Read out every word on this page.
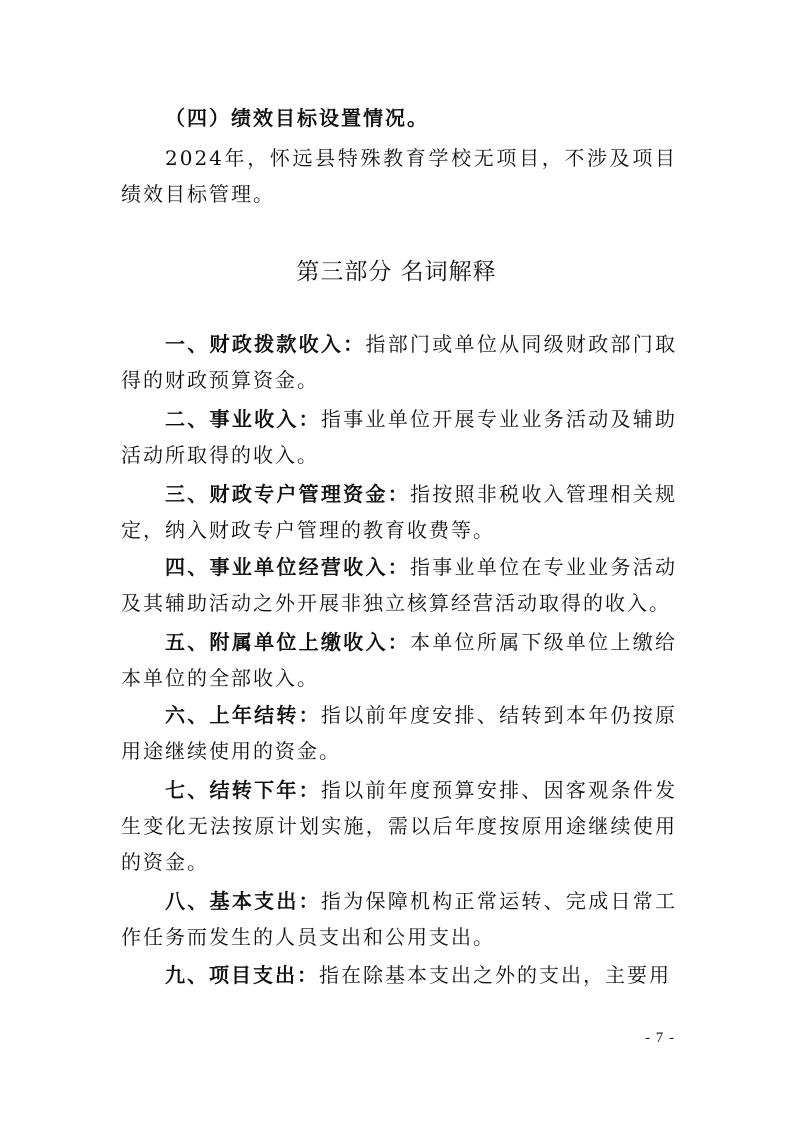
（四）绩效目标设置情况。
2024年，怀远县特殊教育学校无项目，不涉及项目绩效目标管理。
第三部分 名词解释
一、财政拨款收入：指部门或单位从同级财政部门取得的财政预算资金。
二、事业收入：指事业单位开展专业业务活动及辅助活动所取得的收入。
三、财政专户管理资金：指按照非税收入管理相关规定，纳入财政专户管理的教育收费等。
四、事业单位经营收入：指事业单位在专业业务活动及其辅助活动之外开展非独立核算经营活动取得的收入。
五、附属单位上缴收入：本单位所属下级单位上缴给本单位的全部收入。
六、上年结转：指以前年度安排、结转到本年仍按原用途继续使用的资金。
七、结转下年：指以前年度预算安排、因客观条件发生变化无法按原计划实施，需以后年度按原用途继续使用的资金。
八、基本支出：指为保障机构正常运转、完成日常工作任务而发生的人员支出和公用支出。
九、项目支出：指在除基本支出之外的支出，主要用
- 7 -
